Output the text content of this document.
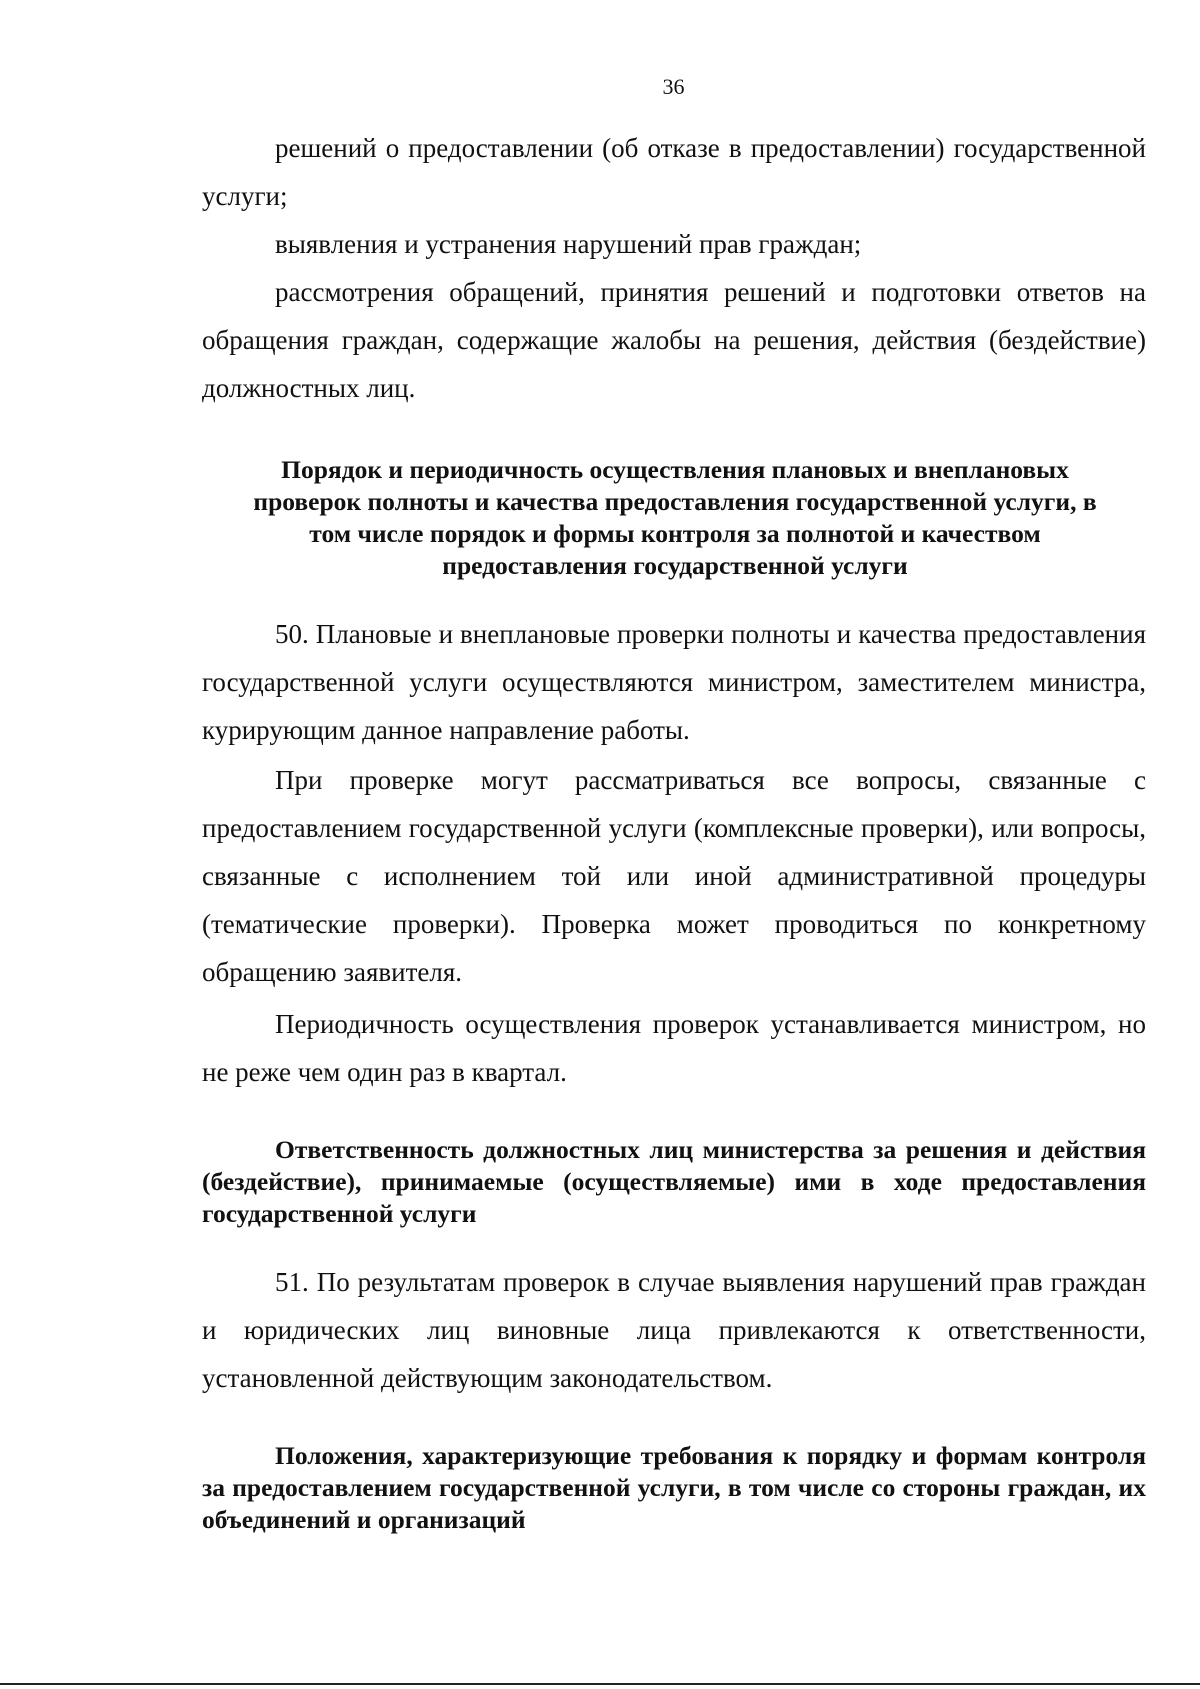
36

решений о предоставлении (об отказе в предоставлении) государственной услуги;

выявления и устранения нарушений прав граждан;

рассмотрения обращений, принятия решений и подготовки ответов на обращения граждан, содержащие жалобы на решения, действия (бездействие) должностных лиц.

Порядок и периодичность осуществления плановых и внеплановых проверок полноты и качества предоставления государственной услуги, в том числе порядок и формы контроля за полнотой и качеством предоставления государственной услуги

50. Плановые и внеплановые проверки полноты и качества предоставления государственной услуги осуществляются министром, заместителем министра, курирующим данное направление работы.

При проверке могут рассматриваться все вопросы, связанные с предоставлением государственной услуги (комплексные проверки), или вопросы, связанные с исполнением той или иной административной процедуры (тематические проверки). Проверка может проводиться по конкретному обращению заявителя.

Периодичность осуществления проверок устанавливается министром, но не реже чем один раз в квартал.

Ответственность должностных лиц министерства за решения и действия (бездействие), принимаемые (осуществляемые) ими в ходе предоставления государственной услуги

51. По результатам проверок в случае выявления нарушений прав граждан и юридических лиц виновные лица привлекаются к ответственности, установленной действующим законодательством.

Положения, характеризующие требования к порядку и формам контроля за предоставлением государственной услуги, в том числе со стороны граждан, их объединений и организаций
